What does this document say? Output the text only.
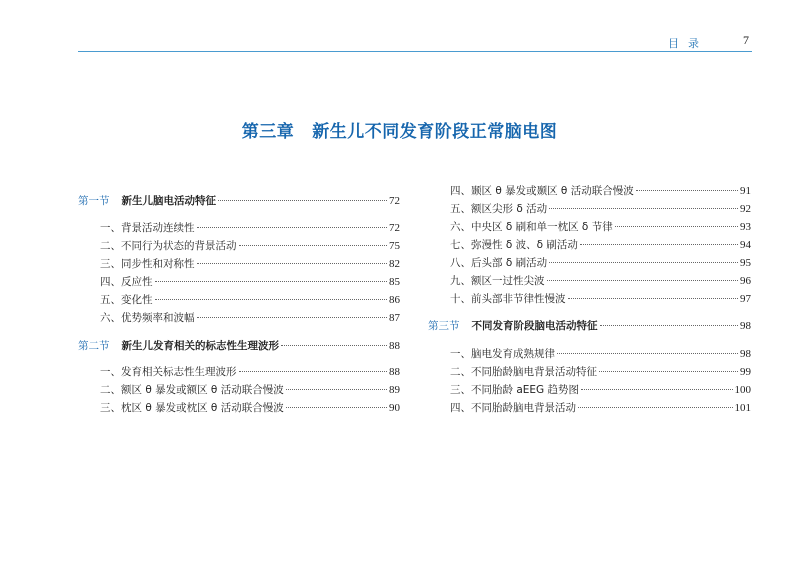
目录	7
第三章 新生儿不同发育阶段正常脑电图
第一节 新生儿脑电活动特征	72
一、背景活动连续性	72
二、不同行为状态的背景活动	75
三、同步性和对称性	82
四、反应性	85
五、变化性	86
六、优势频率和波幅	87
第二节 新生儿发育相关的标志性生理波形	88
一、发育相关标志性生理波形	88
二、额区 θ 暴发或额区 θ 活动联合慢波	89
三、枕区 θ 暴发或枕区 θ 活动联合慢波	90
四、颞区 θ 暴发或颞区 θ 活动联合慢波	91
五、额区尖形 δ 活动	92
六、中央区 δ 刷和单一枕区 δ 节律	93
七、弥漫性 δ 波、δ 刷活动	94
八、后头部 δ 刷活动	95
九、额区一过性尖波	96
十、前头部非节律性慢波	97
第三节 不同发育阶段脑电活动特征	98
一、脑电发育成熟规律	98
二、不同胎龄脑电背景活动特征	99
三、不同胎龄 aEEG 趋势图	100
四、不同胎龄脑电背景活动	101
